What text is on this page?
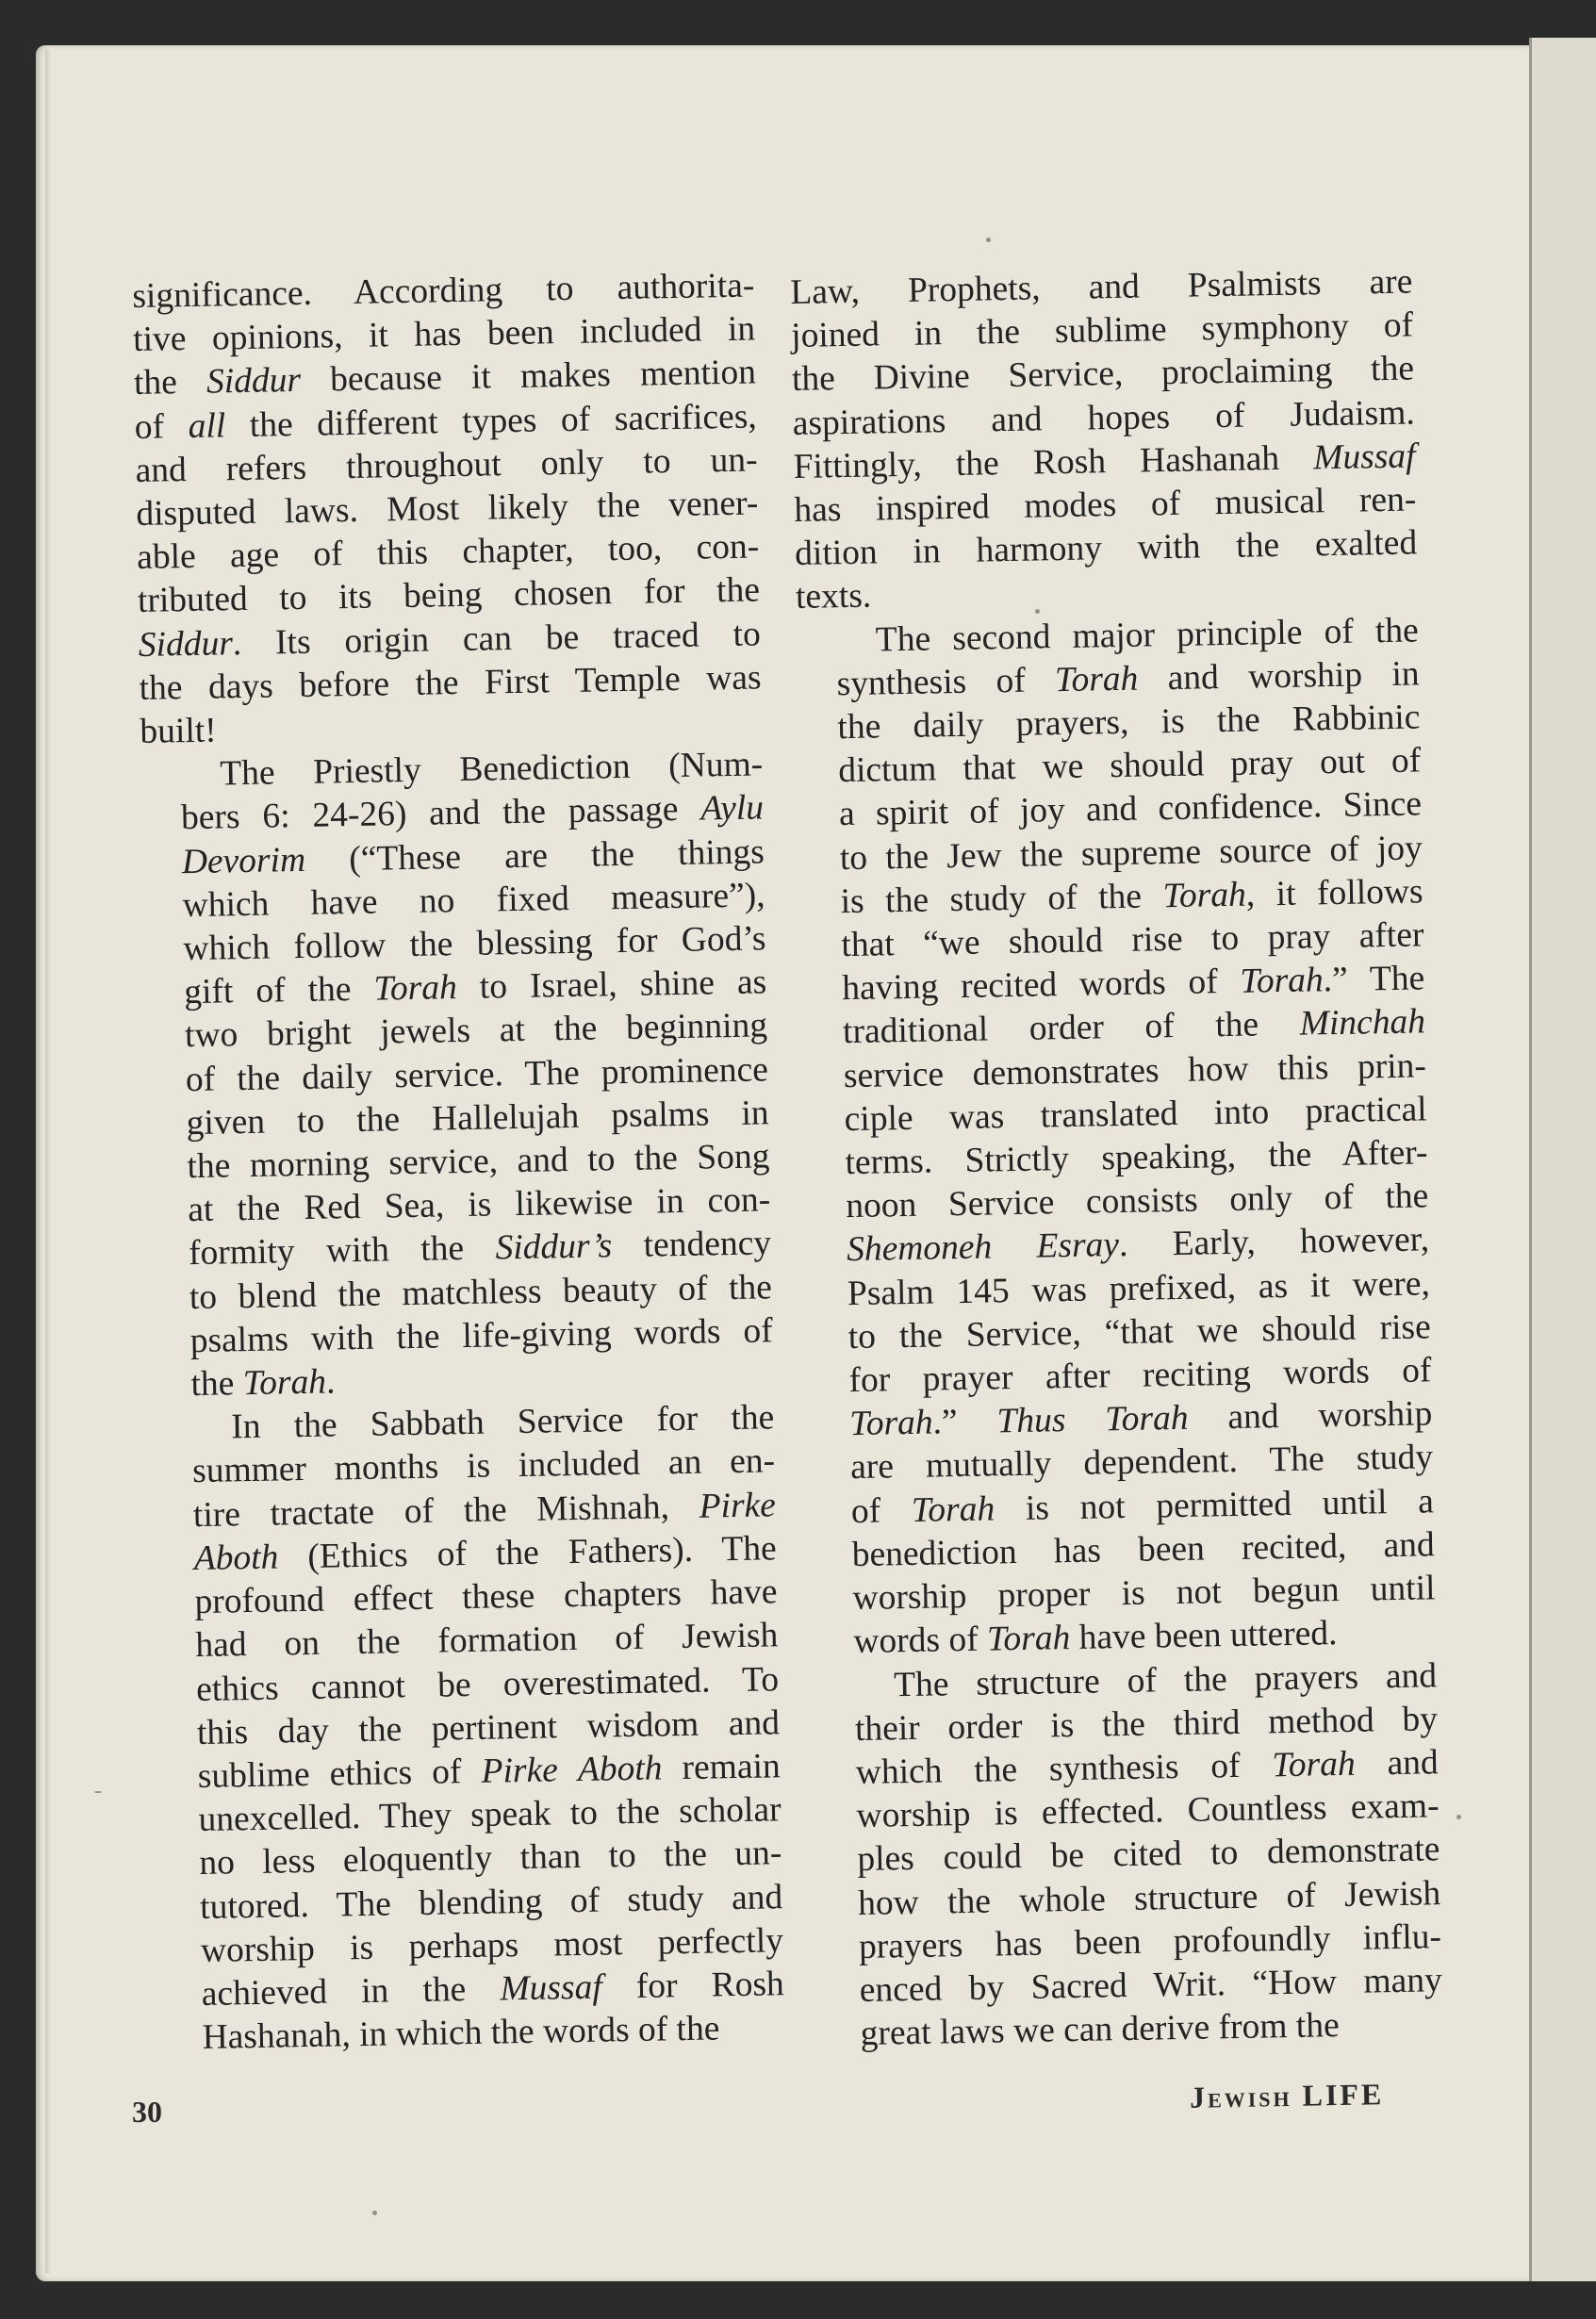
significance. According to authorita-
tive opinions, it has been included in
the Siddur because it makes mention
of all the different types of sacrifices,
and refers throughout only to un-
disputed laws. Most likely the vener-
able age of this chapter, too, con-
tributed to its being chosen for the
Siddur. Its origin can be traced to
the days before the First Temple was
built!

The Priestly Benediction (Num-
bers 6: 24-26) and the passage Aylu
Devorim (“These are the things
which have no fixed measure”),
which follow the blessing for God’s
gift of the Torah to Israel, shine as
two bright jewels at the beginning
of the daily service. The prominence
given to the Hallelujah psalms in
the morning service, and to the Song
at the Red Sea, is likewise in con-
formity with the Siddur’s tendency
to blend the matchless beauty of the
psalms with the life-giving words of
the Torah.

In the Sabbath Service for the
summer months is included an en-
tire tractate of the Mishnah, Pirke
Aboth (Ethics of the Fathers). The
profound effect these chapters have
had on the formation of Jewish
ethics cannot be overestimated. To
this day the pertinent wisdom and
sublime ethics of Pirke Aboth remain
unexcelled. They speak to the scholar
no less eloquently than to the un-
tutored. The blending of study and
worship is perhaps most perfectly
achieved in the Mussaf for Rosh
Hashanah, in which the words of the

Law, Prophets, and Psalmists are
joined in the sublime symphony of
the Divine Service, proclaiming the
aspirations and hopes of Judaism.
Fittingly, the Rosh Hashanah Mussaf
has inspired modes of musical ren-
dition in harmony with the exalted
texts.

The second major principle of the
synthesis of Torah and worship in
the daily prayers, is the Rabbinic
dictum that we should pray out of
a spirit of joy and confidence. Since
to the Jew the supreme source of joy
is the study of the Torah, it follows
that “we should rise to pray after
having recited words of Torah.” The
traditional order of the Minchah
service demonstrates how this prin-
ciple was translated into practical
terms. Strictly speaking, the After-
noon Service consists only of the
Shemoneh Esray. Early, however,
Psalm 145 was prefixed, as it were,
to the Service, “that we should rise
for prayer after reciting words of
Torah.” Thus Torah and worship
are mutually dependent. The study
of Torah is not permitted until a
benediction has been recited, and
worship proper is not begun until
words of Torah have been uttered.

The structure of the prayers and
their order is the third method by
which the synthesis of Torah and
worship is effected. Countless exam-
ples could be cited to demonstrate
how the whole structure of Jewish
prayers has been profoundly influ-
enced by Sacred Writ. “How many
great laws we can derive from the

30	Jewish LIFE
